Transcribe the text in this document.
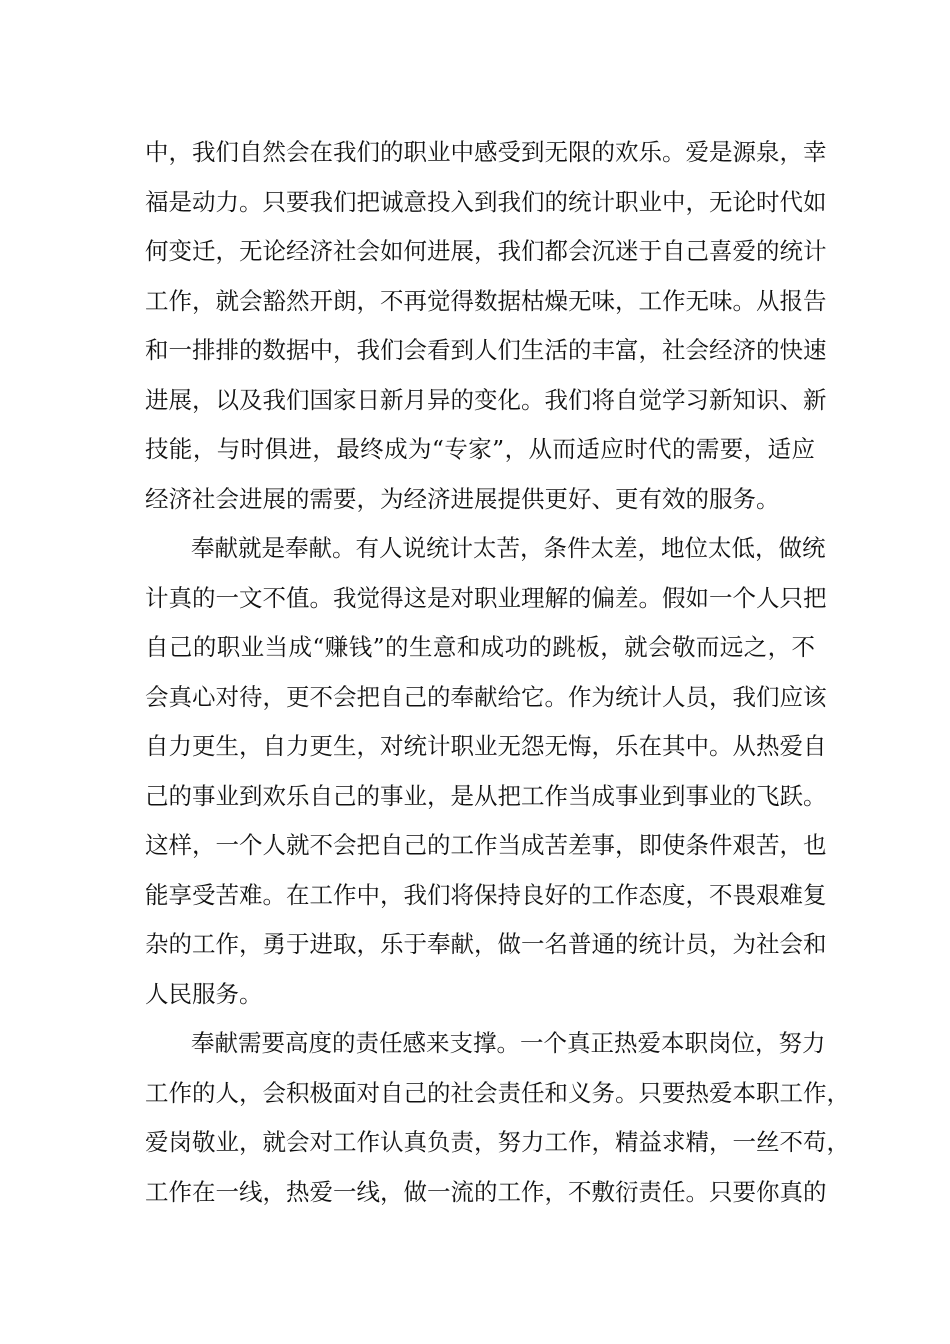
中，我们自然会在我们的职业中感受到无限的欢乐。爱是源泉，幸
福是动力。只要我们把诚意投入到我们的统计职业中，无论时代如
何变迁，无论经济社会如何进展，我们都会沉迷于自己喜爱的统计
工作，就会豁然开朗，不再觉得数据枯燥无味，工作无味。从报告
和一排排的数据中，我们会看到人们生活的丰富，社会经济的快速
进展，以及我们国家日新月异的变化。我们将自觉学习新知识、新
技能，与时俱进，最终成为“专家”，从而适应时代的需要，适应
经济社会进展的需要，为经济进展提供更好、更有效的服务。
奉献就是奉献。有人说统计太苦，条件太差，地位太低，做统
计真的一文不值。我觉得这是对职业理解的偏差。假如一个人只把
自己的职业当成“赚钱”的生意和成功的跳板，就会敬而远之，不
会真心对待，更不会把自己的奉献给它。作为统计人员，我们应该
自力更生，自力更生，对统计职业无怨无悔，乐在其中。从热爱自
己的事业到欢乐自己的事业，是从把工作当成事业到事业的飞跃。
这样，一个人就不会把自己的工作当成苦差事，即使条件艰苦，也
能享受苦难。在工作中，我们将保持良好的工作态度，不畏艰难复
杂的工作，勇于进取，乐于奉献，做一名普通的统计员，为社会和
人民服务。
奉献需要高度的责任感来支撑。一个真正热爱本职岗位，努力
工作的人，会积极面对自己的社会责任和义务。只要热爱本职工作，
爱岗敬业，就会对工作认真负责，努力工作，精益求精，一丝不苟，
工作在一线，热爱一线，做一流的工作，不敷衍责任。只要你真的
